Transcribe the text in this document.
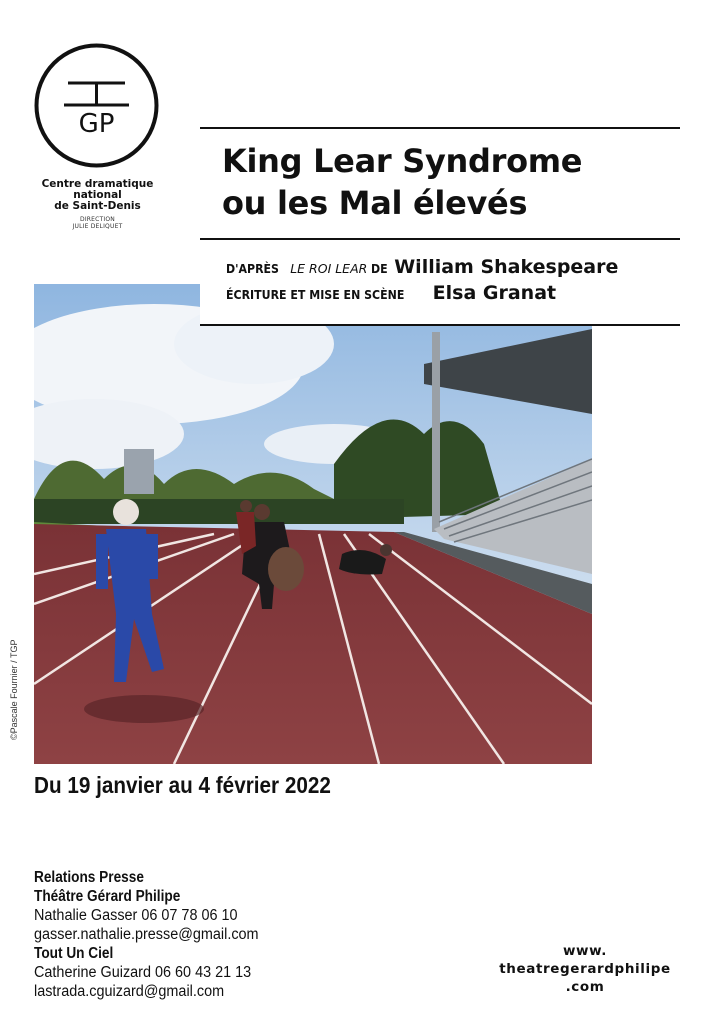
GP
T
Centre dramatique
national
de Saint-Denis
DIRECTION
JULIE DELIQUET
King Lear Syndrome
ou les Mal élevés
©Pascale Fournier / TGP
D'APRÈS LE ROI LEAR DE William Shakespeare
ÉCRITURE ET MISE EN SCÈNE Elsa Granat
Du 19 janvier au 4 février 2022
Relations Presse
Théâtre Gérard Philipe
Nathalie Gasser 06 07 78 06 10
gasser.nathalie.presse@gmail.com
Tout Un Ciel
Catherine Guizard 06 60 43 21 13
lastrada.cguizard@gmail.com
www.
theatregerardphilipe
.com
